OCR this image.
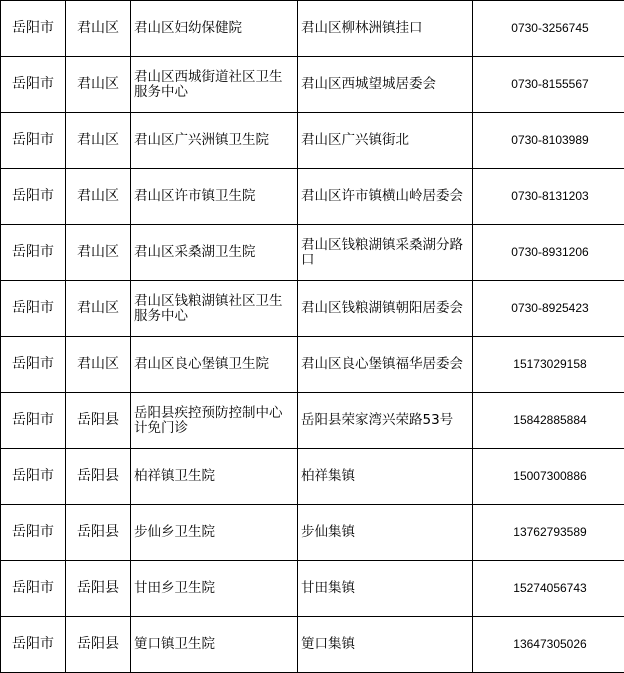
岳阳市	君山区	君山区妇幼保健院	君山区柳林洲镇挂口	0730-3256745

岳阳市	君山区	君山区西城街道社区卫生服务中心	君山区西城望城居委会	0730-8155567

岳阳市	君山区	君山区广兴洲镇卫生院	君山区广兴镇街北	0730-8103989

岳阳市	君山区	君山区许市镇卫生院	君山区许市镇横山岭居委会	0730-8131203

岳阳市	君山区	君山区采桑湖卫生院	君山区钱粮湖镇采桑湖分路口	0730-8931206

岳阳市	君山区	君山区钱粮湖镇社区卫生服务中心	君山区钱粮湖镇朝阳居委会	0730-8925423

岳阳市	君山区	君山区良心堡镇卫生院	君山区良心堡镇福华居委会	15173029158

岳阳市	岳阳县	岳阳县疾控预防控制中心计免门诊	岳阳县荣家湾兴荣路53号	15842885884

岳阳市	岳阳县	柏祥镇卫生院	柏祥集镇	15007300886

岳阳市	岳阳县	步仙乡卫生院	步仙集镇	13762793589

岳阳市	岳阳县	甘田乡卫生院	甘田集镇	15274056743

岳阳市	岳阳县	筻口镇卫生院	筻口集镇	13647305026
